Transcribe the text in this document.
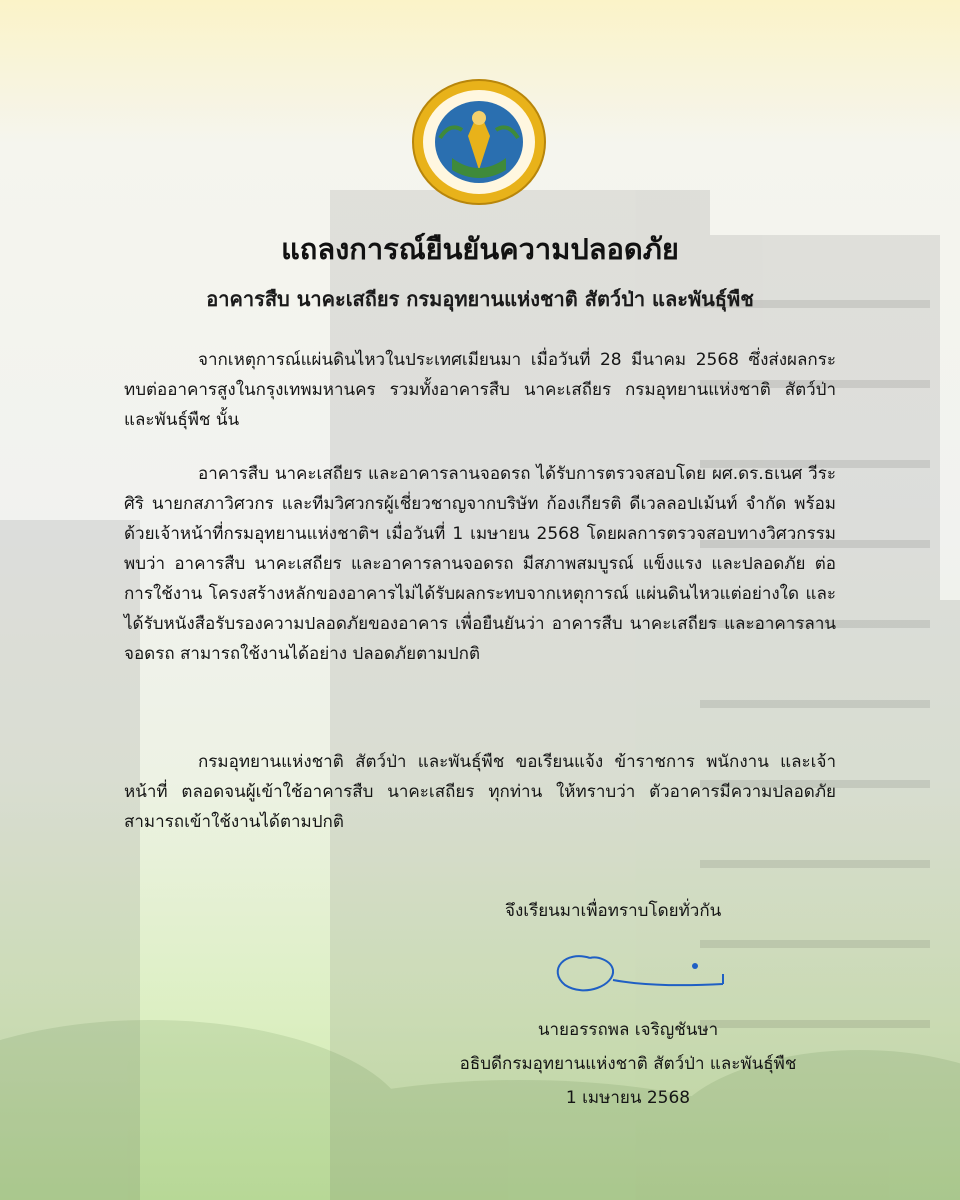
แถลงการณ์ยืนยันความปลอดภัย
อาคารสืบ นาคะเสถียร กรมอุทยานแห่งชาติ สัตว์ป่า และพันธุ์พืช

จากเหตุการณ์แผ่นดินไหวในประเทศเมียนมา เมื่อวันที่ 28 มีนาคม 2568 ซึ่งส่งผลกระทบต่ออาคารสูงในกรุงเทพมหานคร รวมทั้งอาคารสืบ นาคะเสถียร กรมอุทยานแห่งชาติ สัตว์ป่า และพันธุ์พืช นั้น

อาคารสืบ นาคะเสถียร และอาคารลานจอดรถ ได้รับการตรวจสอบโดย ผศ.ดร.ธเนศ วีระศิริ นายกสภาวิศวกร และทีมวิศวกรผู้เชี่ยวชาญจากบริษัท ก้องเกียรติ ดีเวลลอปเม้นท์ จำกัด พร้อมด้วยเจ้าหน้าที่กรมอุทยานแห่งชาติฯ เมื่อวันที่ 1 เมษายน 2568 โดยผลการตรวจสอบทางวิศวกรรม พบว่า อาคารสืบ นาคะเสถียร และอาคารลานจอดรถ มีสภาพสมบูรณ์ แข็งแรง และปลอดภัย ต่อการใช้งาน โครงสร้างหลักของอาคารไม่ได้รับผลกระทบจากเหตุการณ์ แผ่นดินไหวแต่อย่างใด และได้รับหนังสือรับรองความปลอดภัยของอาคาร เพื่อยืนยันว่า อาคารสืบ นาคะเสถียร และอาคารลานจอดรถ สามารถใช้งานได้อย่าง ปลอดภัยตามปกติ

กรมอุทยานแห่งชาติ สัตว์ป่า และพันธุ์พืช ขอเรียนแจ้ง ข้าราชการ พนักงาน และเจ้าหน้าที่ ตลอดจนผู้เข้าใช้อาคารสืบ นาคะเสถียร ทุกท่าน ให้ทราบว่า ตัวอาคารมีความปลอดภัย สามารถเข้าใช้งานได้ตามปกติ

จึงเรียนมาเพื่อทราบโดยทั่วกัน
นายอรรถพล เจริญชันษา
อธิบดีกรมอุทยานแห่งชาติ สัตว์ป่า และพันธุ์พืช
1 เมษายน 2568
